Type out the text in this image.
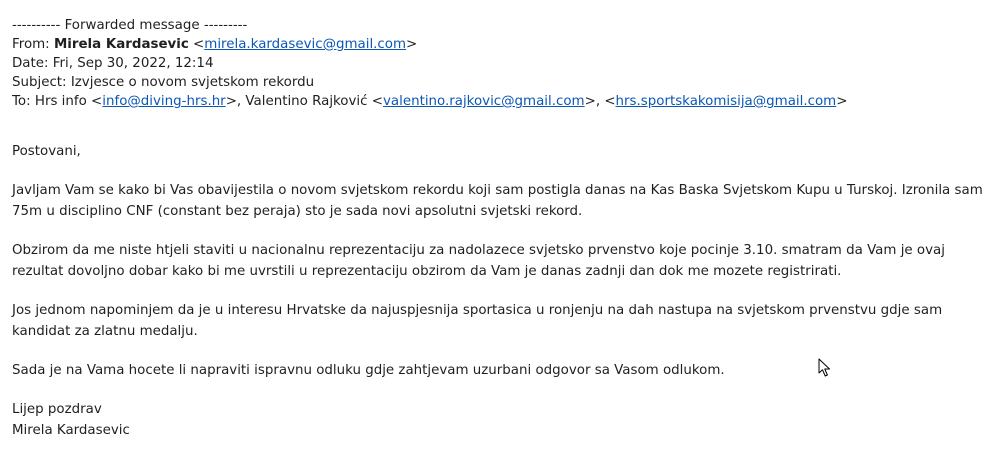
---------- Forwarded message ---------
From: Mirela Kardasevic <mirela.kardasevic@gmail.com>
Date: Fri, Sep 30, 2022, 12:14
Subject: Izvjesce o novom svjetskom rekordu
To: Hrs info <info@diving-hrs.hr>, Valentino Rajković <valentino.rajkovic@gmail.com>, <hrs.sportskakomisija@gmail.com>

Postovani,

Javljam Vam se kako bi Vas obavijestila o novom svjetskom rekordu koji sam postigla danas na Kas Baska Svjetskom Kupu u Turskoj. Izronila sam 75m u disciplino CNF (constant bez peraja) sto je sada novi apsolutni svjetski rekord.

Obzirom da me niste htjeli staviti u nacionalnu reprezentaciju za nadolazece svjetsko prvenstvo koje pocinje 3.10. smatram da Vam je ovaj rezultat dovoljno dobar kako bi me uvrstili u reprezentaciju obzirom da Vam je danas zadnji dan dok me mozete registrirati.

Jos jednom napominjem da je u interesu Hrvatske da najuspjesnija sportasica u ronjenju na dah nastupa na svjetskom prvenstvu gdje sam kandidat za zlatnu medalju.

Sada je na Vama hocete li napraviti ispravnu odluku gdje zahtjevam uzurbani odgovor sa Vasom odlukom.

Lijep pozdrav
Mirela Kardasevic
